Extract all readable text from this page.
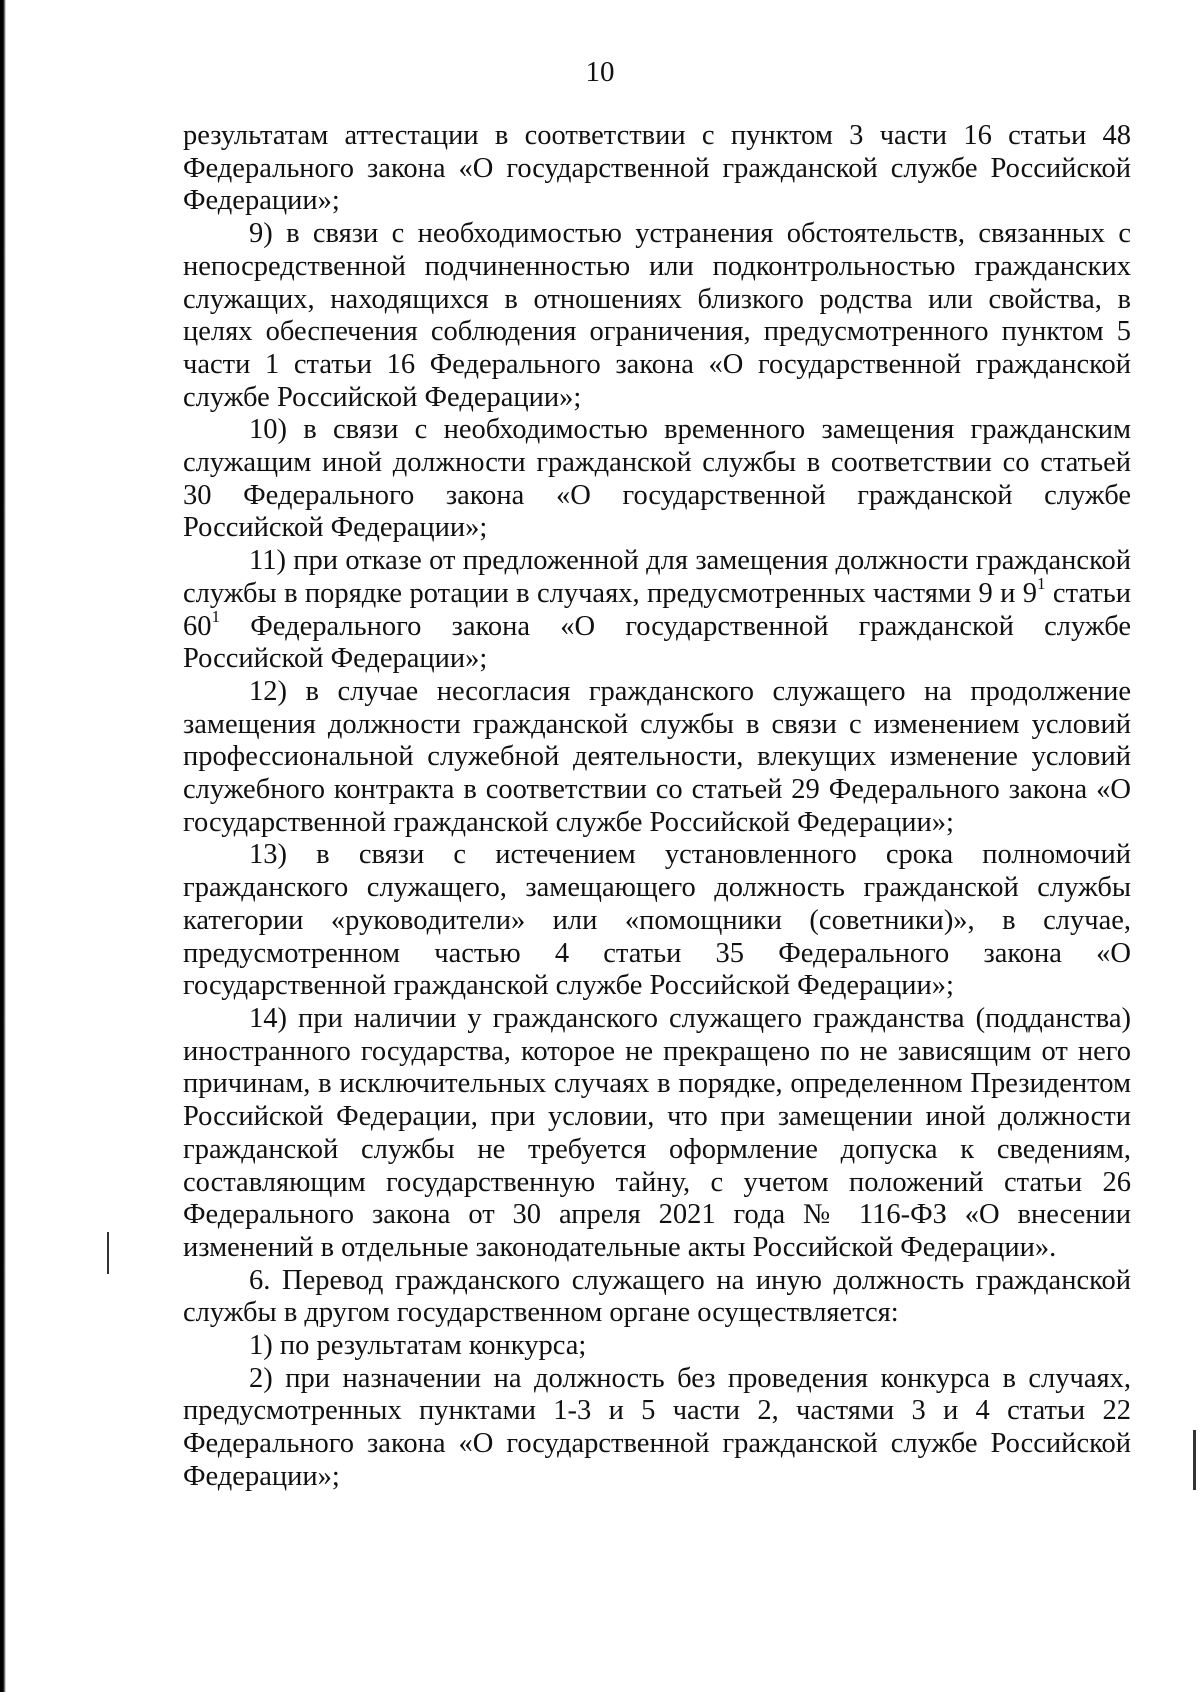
10

результатам аттестации в соответствии с пунктом 3 части 16 статьи 48 Федерального закона «О государственной гражданской службе Российской Федерации»;

9) в связи с необходимостью устранения обстоятельств, связанных с непосредственной подчиненностью или подконтрольностью гражданских служащих, находящихся в отношениях близкого родства или свойства, в целях обеспечения соблюдения ограничения, предусмотренного пунктом 5 части 1 статьи 16 Федерального закона «О государственной гражданской службе Российской Федерации»;

10) в связи с необходимостью временного замещения гражданским служащим иной должности гражданской службы в соответствии со статьей 30 Федерального закона «О государственной гражданской службе Российской Федерации»;

11) при отказе от предложенной для замещения должности гражданской службы в порядке ротации в случаях, предусмотренных частями 9 и $9^1$ статьи $60^1$ Федерального закона «О государственной гражданской службе Российской Федерации»;

12) в случае несогласия гражданского служащего на продолжение замещения должности гражданской службы в связи с изменением условий профессиональной служебной деятельности, влекущих изменение условий служебного контракта в соответствии со статьей 29 Федерального закона «О государственной гражданской службе Российской Федерации»;

13) в связи с истечением установленного срока полномочий гражданского служащего, замещающего должность гражданской службы категории «руководители» или «помощники (советники)», в случае, предусмотренном частью 4 статьи 35 Федерального закона «О государственной гражданской службе Российской Федерации»;

14) при наличии у гражданского служащего гражданства (подданства) иностранного государства, которое не прекращено по не зависящим от него причинам, в исключительных случаях в порядке, определенном Президентом Российской Федерации, при условии, что при замещении иной должности гражданской службы не требуется оформление допуска к сведениям, составляющим государственную тайну, с учетом положений статьи 26 Федерального закона от 30 апреля 2021 года № 116-ФЗ «О внесении изменений в отдельные законодательные акты Российской Федерации».

6. Перевод гражданского служащего на иную должность гражданской службы в другом государственном органе осуществляется:

1) по результатам конкурса;

2) при назначении на должность без проведения конкурса в случаях, предусмотренных пунктами 1-3 и 5 части 2, частями 3 и 4 статьи 22 Федерального закона «О государственной гражданской службе Российской Федерации»;
